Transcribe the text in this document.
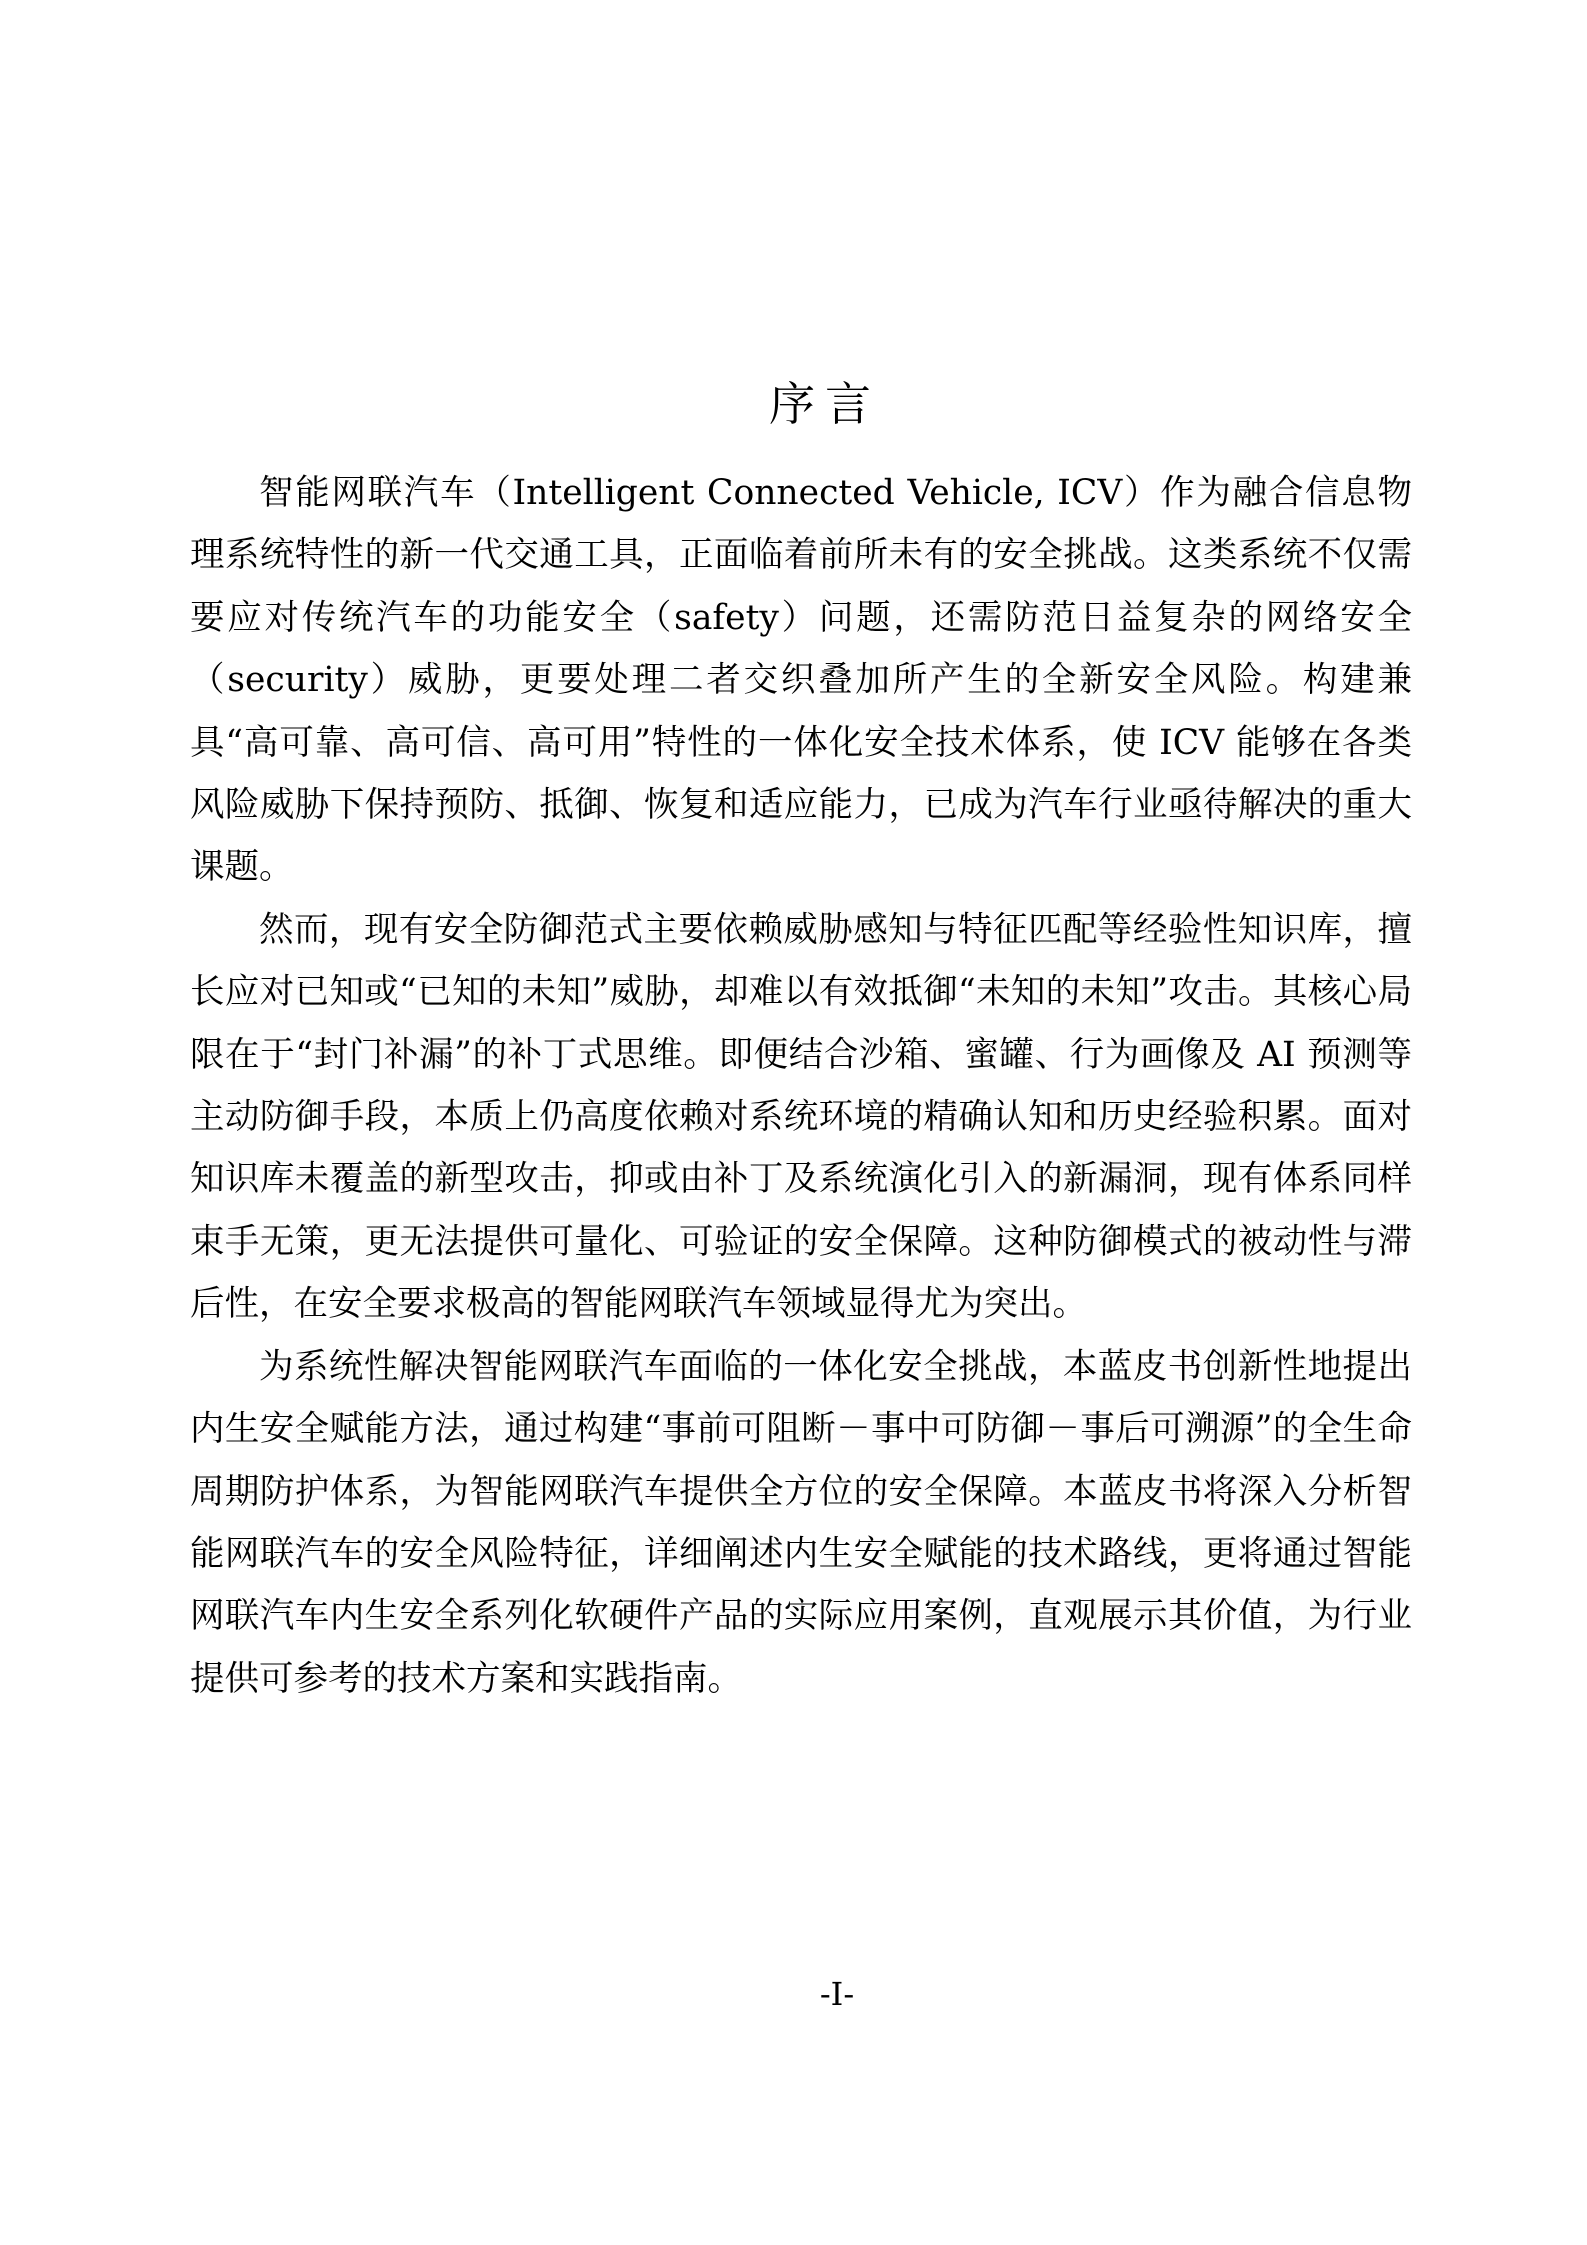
序言

智能网联汽车（Intelligent Connected Vehicle, ICV）作为融合信息物理系统特性的新一代交通工具，正面临着前所未有的安全挑战。这类系统不仅需要应对传统汽车的功能安全（safety）问题，还需防范日益复杂的网络安全（security）威胁，更要处理二者交织叠加所产生的全新安全风险。构建兼具“高可靠、高可信、高可用”特性的一体化安全技术体系，使 ICV 能够在各类风险威胁下保持预防、抵御、恢复和适应能力，已成为汽车行业亟待解决的重大课题。

然而，现有安全防御范式主要依赖威胁感知与特征匹配等经验性知识库，擅长应对已知或“已知的未知”威胁，却难以有效抵御“未知的未知”攻击。其核心局限在于“封门补漏”的补丁式思维。即便结合沙箱、蜜罐、行为画像及 AI 预测等主动防御手段，本质上仍高度依赖对系统环境的精确认知和历史经验积累。面对知识库未覆盖的新型攻击，抑或由补丁及系统演化引入的新漏洞，现有体系同样束手无策，更无法提供可量化、可验证的安全保障。这种防御模式的被动性与滞后性，在安全要求极高的智能网联汽车领域显得尤为突出。

为系统性解决智能网联汽车面临的一体化安全挑战，本蓝皮书创新性地提出内生安全赋能方法，通过构建“事前可阻断－事中可防御－事后可溯源”的全生命周期防护体系，为智能网联汽车提供全方位的安全保障。本蓝皮书将深入分析智能网联汽车的安全风险特征，详细阐述内生安全赋能的技术路线，更将通过智能网联汽车内生安全系列化软硬件产品的实际应用案例，直观展示其价值，为行业提供可参考的技术方案和实践指南。

-I-
